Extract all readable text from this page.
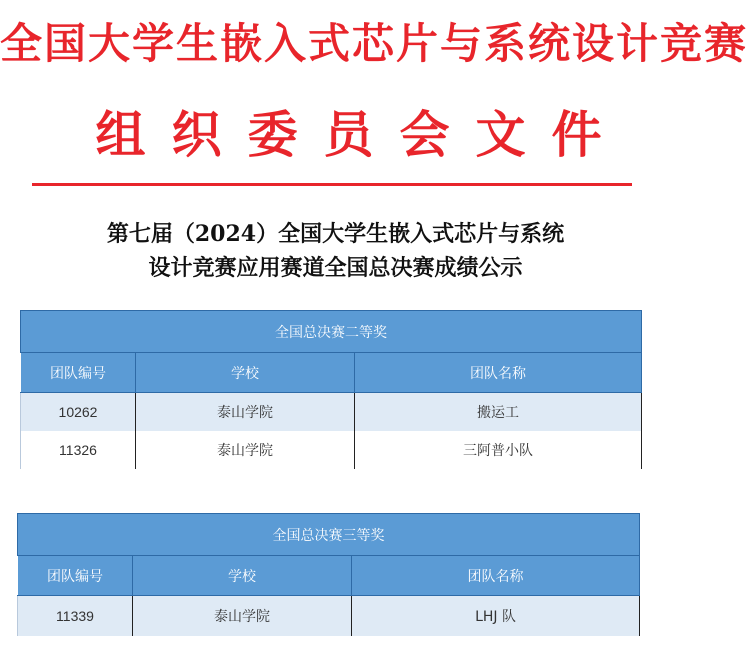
全国大学生嵌入式芯片与系统设计竞赛
组织委员会文件
第七届（2024）全国大学生嵌入式芯片与系统
设计竞赛应用赛道全国总决赛成绩公示
全国总决赛二等奖		
团队编号	学校	团队名称
10262	泰山学院	搬运工
11326	泰山学院	三阿普小队
全国总决赛三等奖		
团队编号	学校	团队名称
11339	泰山学院	LHJ 队
